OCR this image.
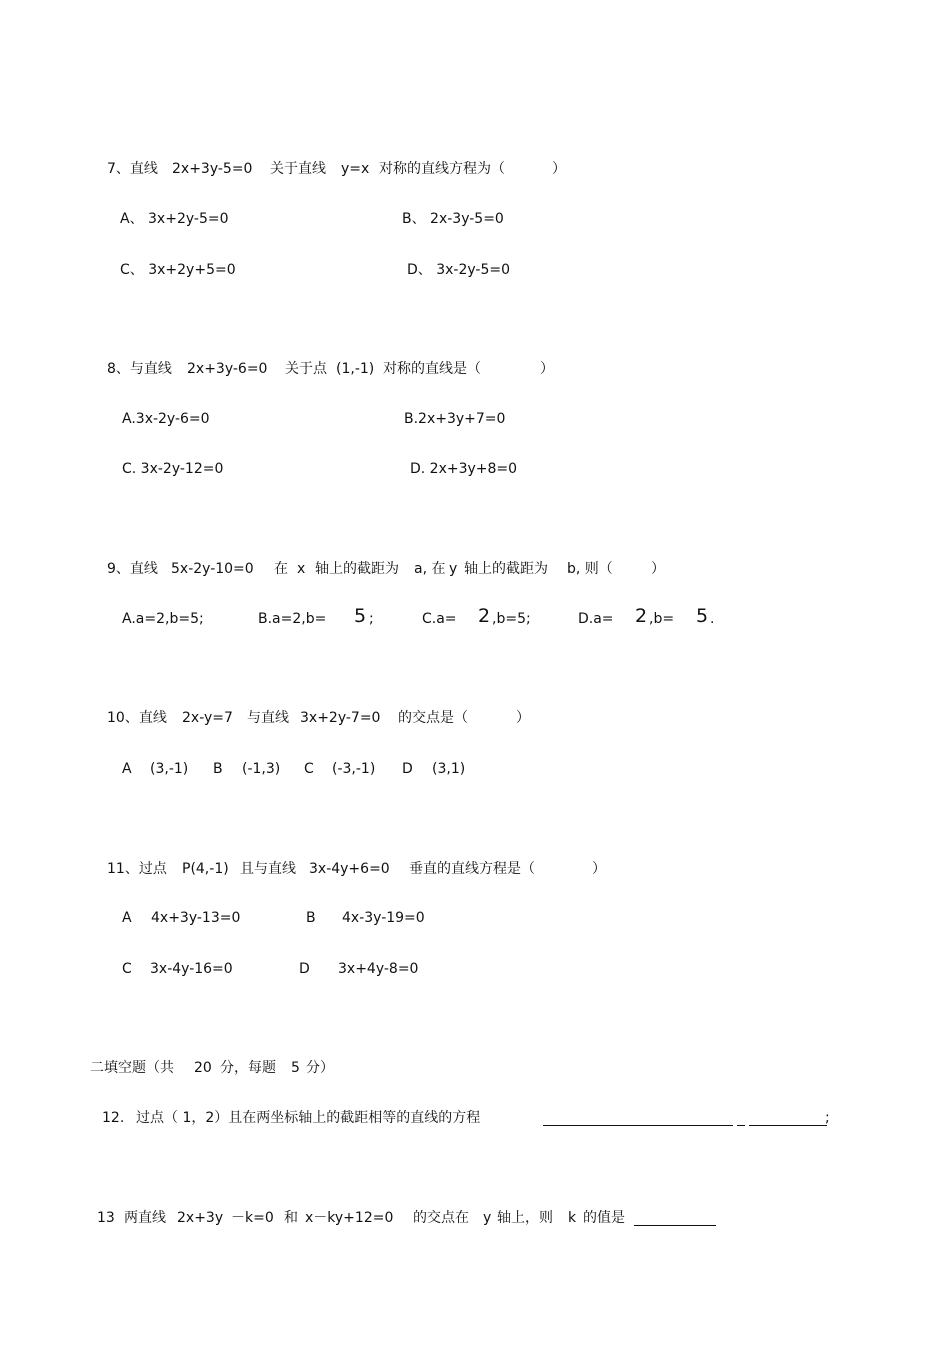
7、直线 2x+3y-5=0 关于直线 y=x 对称的直线方程为（	）
A、 3x+2y-5=0	B、 2x-3y-5=0
C、 3x+2y+5=0	D、 3x-2y-5=0
8、与直线 2x+3y-6=0 关于点 (1,-1) 对称的直线是（	）
A.3x-2y-6=0	B.2x+3y+7=0
C. 3x-2y-12=0	D. 2x+3y+8=0
9、直线 5x-2y-10=0 在 x 轴上的截距为 a, 在 y 轴上的截距为 b, 则（	）
A.a=2,b=5;	B.a=2,b= 5 ;	C.a= 2 ,b=5;	D.a= 2 ,b= 5 .
10、直线 2x-y=7 与直线 3x+2y-7=0 的交点是（	）
A (3,-1) B (-1,3) C (-3,-1) D (3,1)
11、过点 P(4,-1) 且与直线 3x-4y+6=0 垂直的直线方程是（	）
A 4x+3y-13=0	B 4x-3y-19=0
C 3x-4y-16=0	D 3x+4y-8=0
二填空题（共 20 分，每题 5 分）
12. 过点（ 1，2）且在两坐标轴上的截距相等的直线的方程	;
13 两直线 2x+3y －k=0 和 x－ky+12=0 的交点在 y 轴上，则 k 的值是
